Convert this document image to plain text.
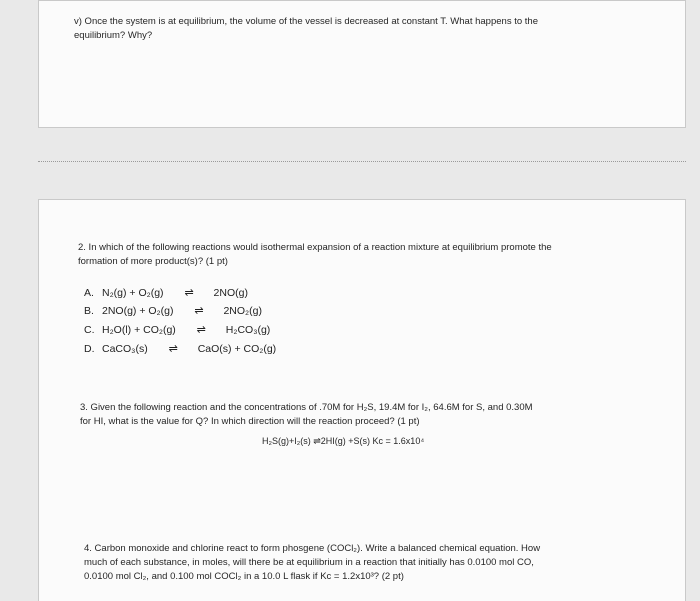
v) Once the system is at equilibrium, the volume of the vessel is decreased at constant T. What happens to the
equilibrium? Why?
2. In which of the following reactions would isothermal expansion of a reaction mixture at equilibrium promote the
formation of more product(s)? (1 pt)
A. N₂(g) + O₂(g) ⇌ 2NO(g)
B. 2NO(g) + O₂(g) ⇌ 2NO₂(g)
C. H₂O(l) + CO₂(g) ⇌ H₂CO₃(g)
D. CaCO₃(s) ⇌ CaO(s) + CO₂(g)
3. Given the following reaction and the concentrations of .70M for H₂S, 19.4M for I₂, 64.6M for S, and 0.30M
for HI, what is the value for Q? In which direction will the reaction proceed? (1 pt)
H₂S(g)+I₂(s) ⇌2HI(g) +S(s) Kc = 1.6x10⁴
4. Carbon monoxide and chlorine react to form phosgene (COCl₂). Write a balanced chemical equation. How
much of each substance, in moles, will there be at equilibrium in a reaction that initially has 0.0100 mol CO,
0.0100 mol Cl₂, and 0.100 mol COCl₂ in a 10.0 L flask if Kc = 1.2x10³? (2 pt)
